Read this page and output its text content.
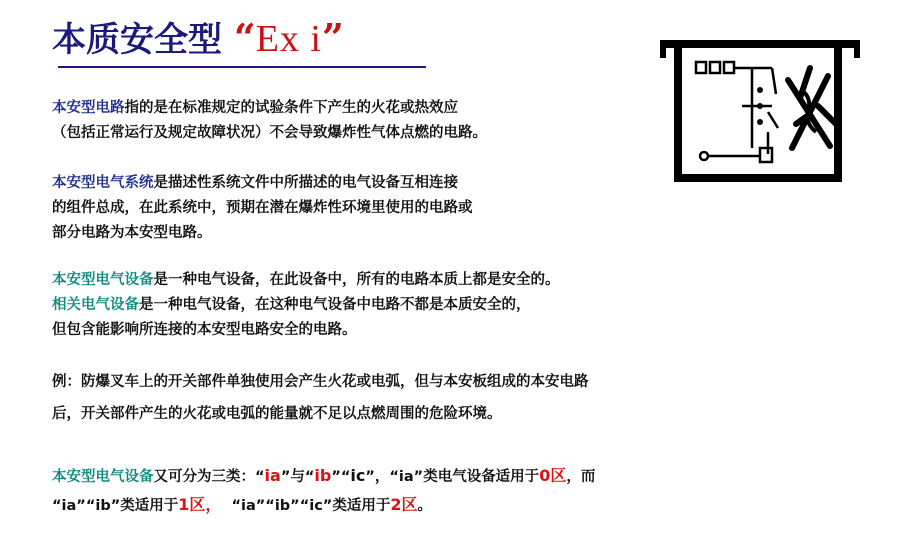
本质安全型 “Ex i”
本安型电路指的是在标准规定的试验条件下产生的火花或热效应
（包括正常运行及规定故障状况）不会导致爆炸性气体点燃的电路。
本安型电气系统是描述性系统文件中所描述的电气设备互相连接
的组件总成，在此系统中，预期在潜在爆炸性环境里使用的电路或
部分电路为本安型电路。
本安型电气设备是一种电气设备，在此设备中，所有的电路本质上都是安全的。
相关电气设备是一种电气设备，在这种电气设备中电路不都是本质安全的，
但包含能影响所连接的本安型电路安全的电路。
例：防爆叉车上的开关部件单独使用会产生火花或电弧，但与本安板组成的本安电路
后，开关部件产生的火花或电弧的能量就不足以点燃周围的危险环境。
本安型电气设备又可分为三类：“ia”与“ib”“ic”，“ia”类电气设备适用于0区，而
“ia”“ib”类适用于1区，  “ia”“ib”“ic”类适用于2区。
